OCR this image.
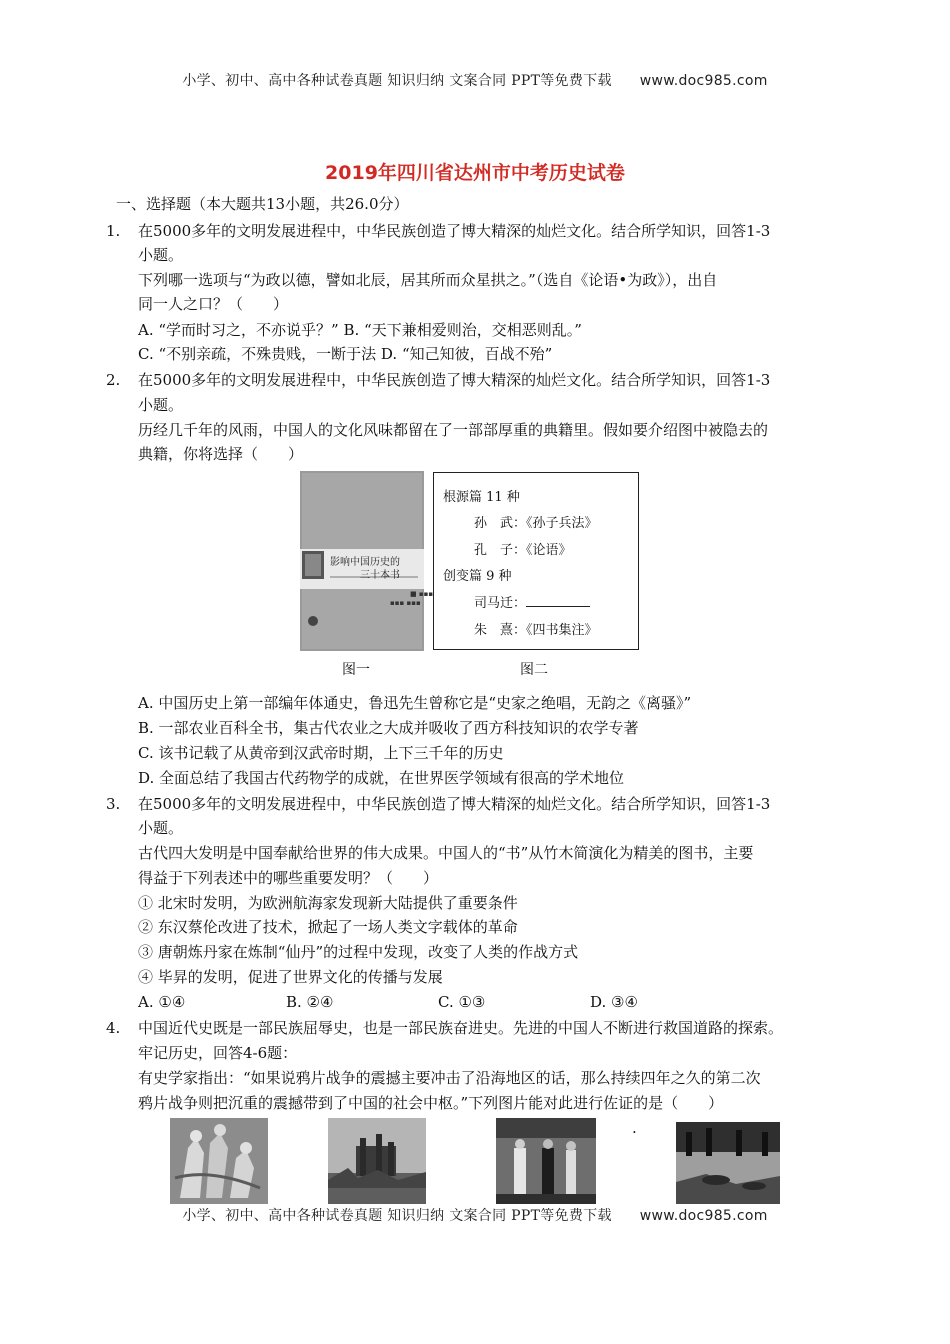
小学、初中、高中各种试卷真题 知识归纳 文案合同 PPT等免费下载 www.doc985.com
2019年四川省达州市中考历史试卷
一、选择题（本大题共13小题，共26.0分）
1. 在5000多年的文明发展进程中，中华民族创造了博大精深的灿烂文化。结合所学知识，回答1-3
小题。
下列哪一选项与“为政以德，譬如北辰，居其所而众星拱之。”（选自《论语•为政》），出自
同一人之口？（　　）
A. “学而时习之，不亦说乎？” B. “天下兼相爱则治，交相恶则乱。”
C. “不别亲疏，不殊贵贱，一断于法 D. “知己知彼，百战不殆”
2. 在5000多年的文明发展进程中，中华民族创造了博大精深的灿烂文化。结合所学知识，回答1-3
小题。
历经几千年的风雨，中国人的文化风味都留在了一部部厚重的典籍里。假如要介绍图中被隐去的
典籍，你将选择（　　）
■ ▪▪▪
▪▪▪ ▪▪▪
影响中国历史的
三十本书
图一
根源篇 11 种
孙　武：《孙子兵法》
孔　子：《论语》
创变篇 9 种
司马迁：
朱　熹：《四书集注》
图二
A. 中国历史上第一部编年体通史，鲁迅先生曾称它是“史家之绝唱，无韵之《离骚》”
B. 一部农业百科全书，集古代农业之大成并吸收了西方科技知识的农学专著
C. 该书记载了从黄帝到汉武帝时期，上下三千年的历史
D. 全面总结了我国古代药物学的成就，在世界医学领域有很高的学术地位
3. 在5000多年的文明发展进程中，中华民族创造了博大精深的灿烂文化。结合所学知识，回答1-3
小题。
古代四大发明是中国奉献给世界的伟大成果。中国人的“书”从竹木简演化为精美的图书，主要
得益于下列表述中的哪些重要发明？（　　）
① 北宋时发明，为欧洲航海家发现新大陆提供了重要条件
② 东汉蔡伦改进了技术，掀起了一场人类文字载体的革命
③ 唐朝炼丹家在炼制“仙丹”的过程中发现，改变了人类的作战方式
④ 毕昇的发明，促进了世界文化的传播与发展
A. ①④	B. ②④	C. ①③	D. ③④
4. 中国近代史既是一部民族屈辱史，也是一部民族奋进史。先进的中国人不断进行救国道路的探索。
牢记历史，回答4-6题：
有史学家指出：“如果说鸦片战争的震撼主要冲击了沿海地区的话，那么持续四年之久的第二次
鸦片战争则把沉重的震撼带到了中国的社会中枢。”下列图片能对此进行佐证的是（　　）
.
小学、初中、高中各种试卷真题 知识归纳 文案合同 PPT等免费下载 www.doc985.com
